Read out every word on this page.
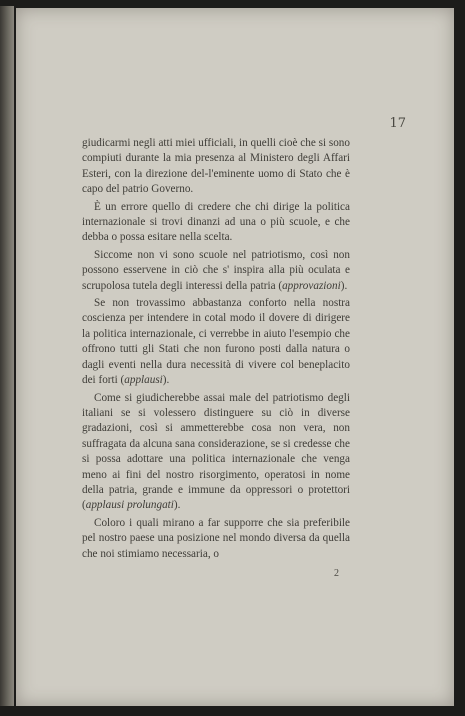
17

giudicarmi negli atti miei ufficiali, in quelli cioè che si sono compiuti durante la mia presenza al Ministero degli Affari Esteri, con la direzione del-l'eminente uomo di Stato che è capo del patrio Governo.

È un errore quello di credere che chi dirige la politica internazionale si trovi dinanzi ad una o più scuole, e che debba o possa esitare nella scelta.

Siccome non vi sono scuole nel patriotismo, così non possono esservene in ciò che s' inspira alla più oculata e scrupolosa tutela degli interessi della patria (approvazioni).

Se non trovassimo abbastanza conforto nella nostra coscienza per intendere in cotal modo il dovere di dirigere la politica internazionale, ci verrebbe in aiuto l'esempio che offrono tutti gli Stati che non furono posti dalla natura o dagli eventi nella dura necessità di vivere col beneplacito dei forti (applausi).

Come si giudicherebbe assai male del patriotismo degli italiani se si volessero distinguere su ciò in diverse gradazioni, così si ammetterebbe cosa non vera, non suffragata da alcuna sana considerazione, se si credesse che si possa adottare una politica internazionale che venga meno ai fini del nostro risorgimento, operatosi in nome della patria, grande e immune da oppressori o protettori (applausi prolungati).

Coloro i quali mirano a far supporre che sia preferibile pel nostro paese una posizione nel mondo diversa da quella che noi stimiamo necessaria, o

2
